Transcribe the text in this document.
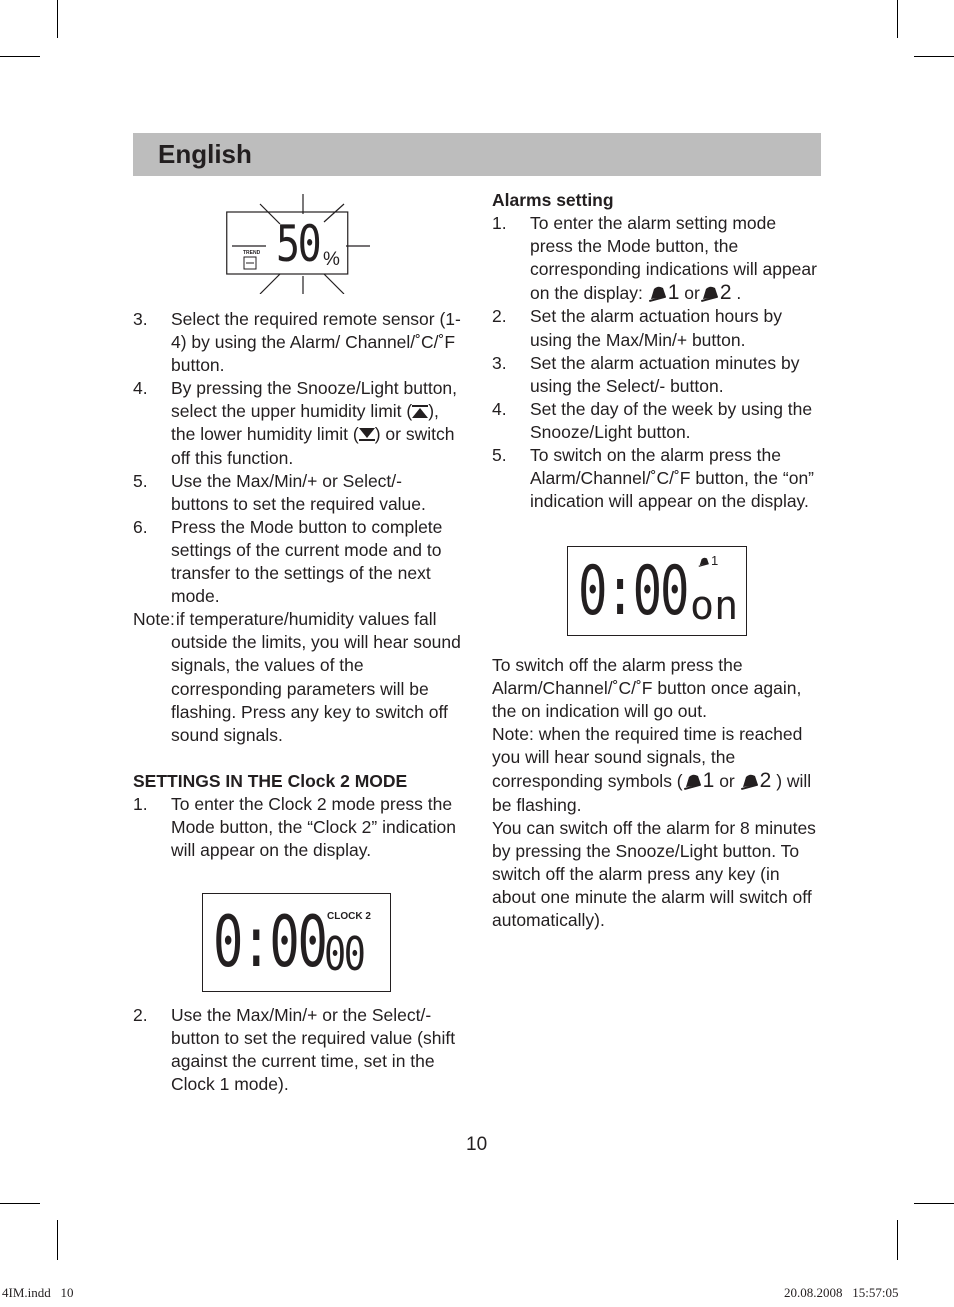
English
TREND 50 %
3. Select the required remote sensor (1-4) by using the Alarm/ Channel/˚C/˚F button.
4. By pressing the Snooze/Light button, select the upper humidity limit ( ), the lower humidity limit ( ) or switch off this function.
5. Use the Max/Min/+ or Select/- buttons to set the required value.
6. Press the Mode button to complete settings of the current mode and to transfer to the settings of the next mode.
Note: if temperature/humidity values fall outside the limits, you will hear sound signals, the values of the corresponding parameters will be flashing. Press any key to switch off sound signals.
SETTINGS IN THE Clock 2 MODE
1. To enter the Clock 2 mode press the Mode button, the “Clock 2” indication will appear on the display.
0:00 CLOCK 2
00
2. Use the Max/Min/+ or the Select/- button to set the required value (shift against the current time, set in the Clock 1 mode).
Alarms setting
1. To enter the alarm setting mode press the Mode button, the corresponding indications will appear on the display: 1 or 2 .
2. Set the alarm actuation hours by using the Max/Min/+ button.
3. Set the alarm actuation minutes by using the Select/- button.
4. Set the day of the week by using the Snooze/Light button.
5. To switch on the alarm press the Alarm/Channel/˚C/˚F button, the “on” indication will appear on the display.
0:00 1
on
To switch off the alarm press the Alarm/Channel/˚C/˚F button once again, the on indication will go out.
Note: when the required time is reached you will hear sound signals, the corresponding symbols ( 1 or 2 ) will be flashing.
You can switch off the alarm for 8 minutes by pressing the Snooze/Light button. To switch off the alarm press any key (in about one minute the alarm will switch off automatically).
10
4IM.indd   10	20.08.2008   15:57:05
